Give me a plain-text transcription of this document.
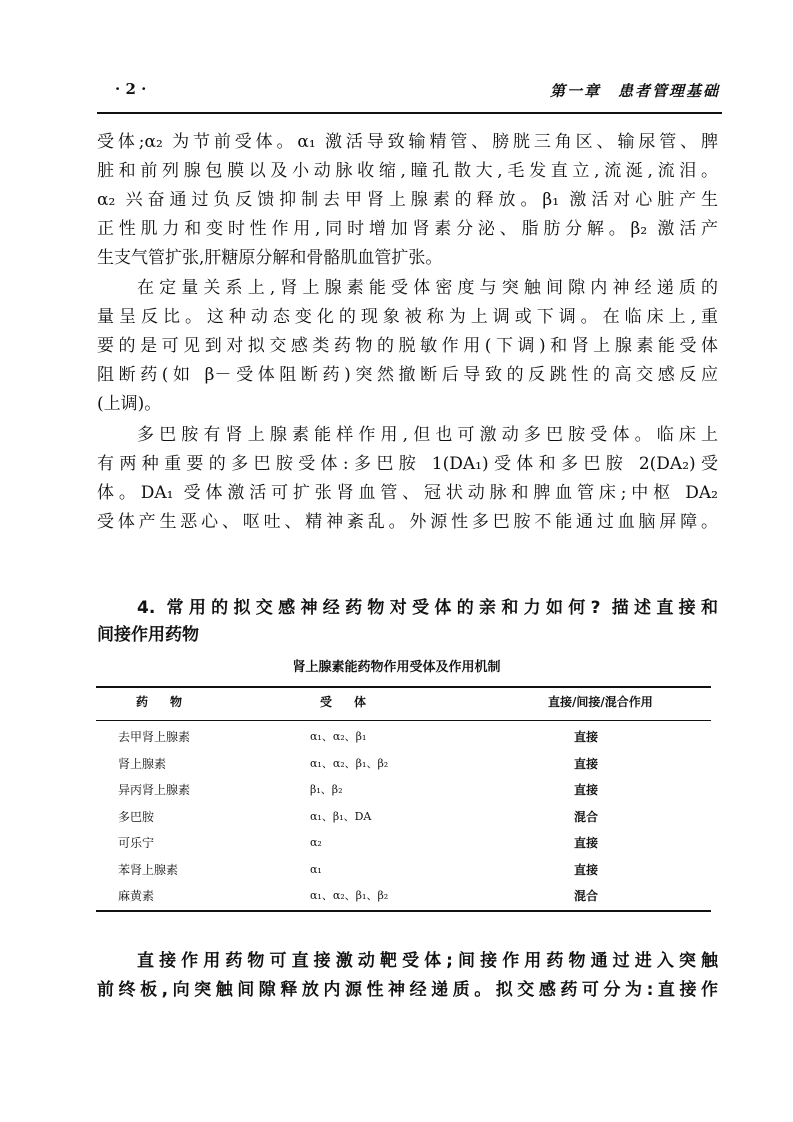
· 2 ·	第一章　患者管理基础
受体;α₂ 为节前受体。α₁ 激活导致输精管、膀胱三角区、输尿管、脾
脏和前列腺包膜以及小动脉收缩,瞳孔散大,毛发直立,流涎,流泪。
α₂ 兴奋通过负反馈抑制去甲肾上腺素的释放。β₁ 激活对心脏产生
正性肌力和变时性作用,同时增加肾素分泌、脂肪分解。β₂ 激活产
生支气管扩张,肝糖原分解和骨骼肌血管扩张。
在定量关系上,肾上腺素能受体密度与突触间隙内神经递质的
量呈反比。这种动态变化的现象被称为上调或下调。在临床上,重
要的是可见到对拟交感类药物的脱敏作用(下调)和肾上腺素能受体
阻断药(如 β－受体阻断药)突然撤断后导致的反跳性的高交感反应
(上调)。
多巴胺有肾上腺素能样作用,但也可激动多巴胺受体。临床上
有两种重要的多巴胺受体:多巴胺 1(DA₁)受体和多巴胺 2(DA₂)受
体。DA₁ 受体激活可扩张肾血管、冠状动脉和脾血管床;中枢 DA₂
受体产生恶心、呕吐、精神紊乱。外源性多巴胺不能通过血脑屏障。
4. 常用的拟交感神经药物对受体的亲和力如何? 描述直接和
间接作用药物
肾上腺素能药物作用受体及作用机制
药物	受体	直接/间接/混合作用
去甲肾上腺素	α₁、α₂、β₁	直接
肾上腺素	α₁、α₂、β₁、β₂	直接
异丙肾上腺素	β₁、β₂	直接
多巴胺	α₁、β₁、DA	混合
可乐宁	α₂	直接
苯肾上腺素	α₁	直接
麻黄素	α₁、α₂、β₁、β₂	混合
直接作用药物可直接激动靶受体;间接作用药物通过进入突触
前终板,向突触间隙释放内源性神经递质。拟交感药可分为:直接作
